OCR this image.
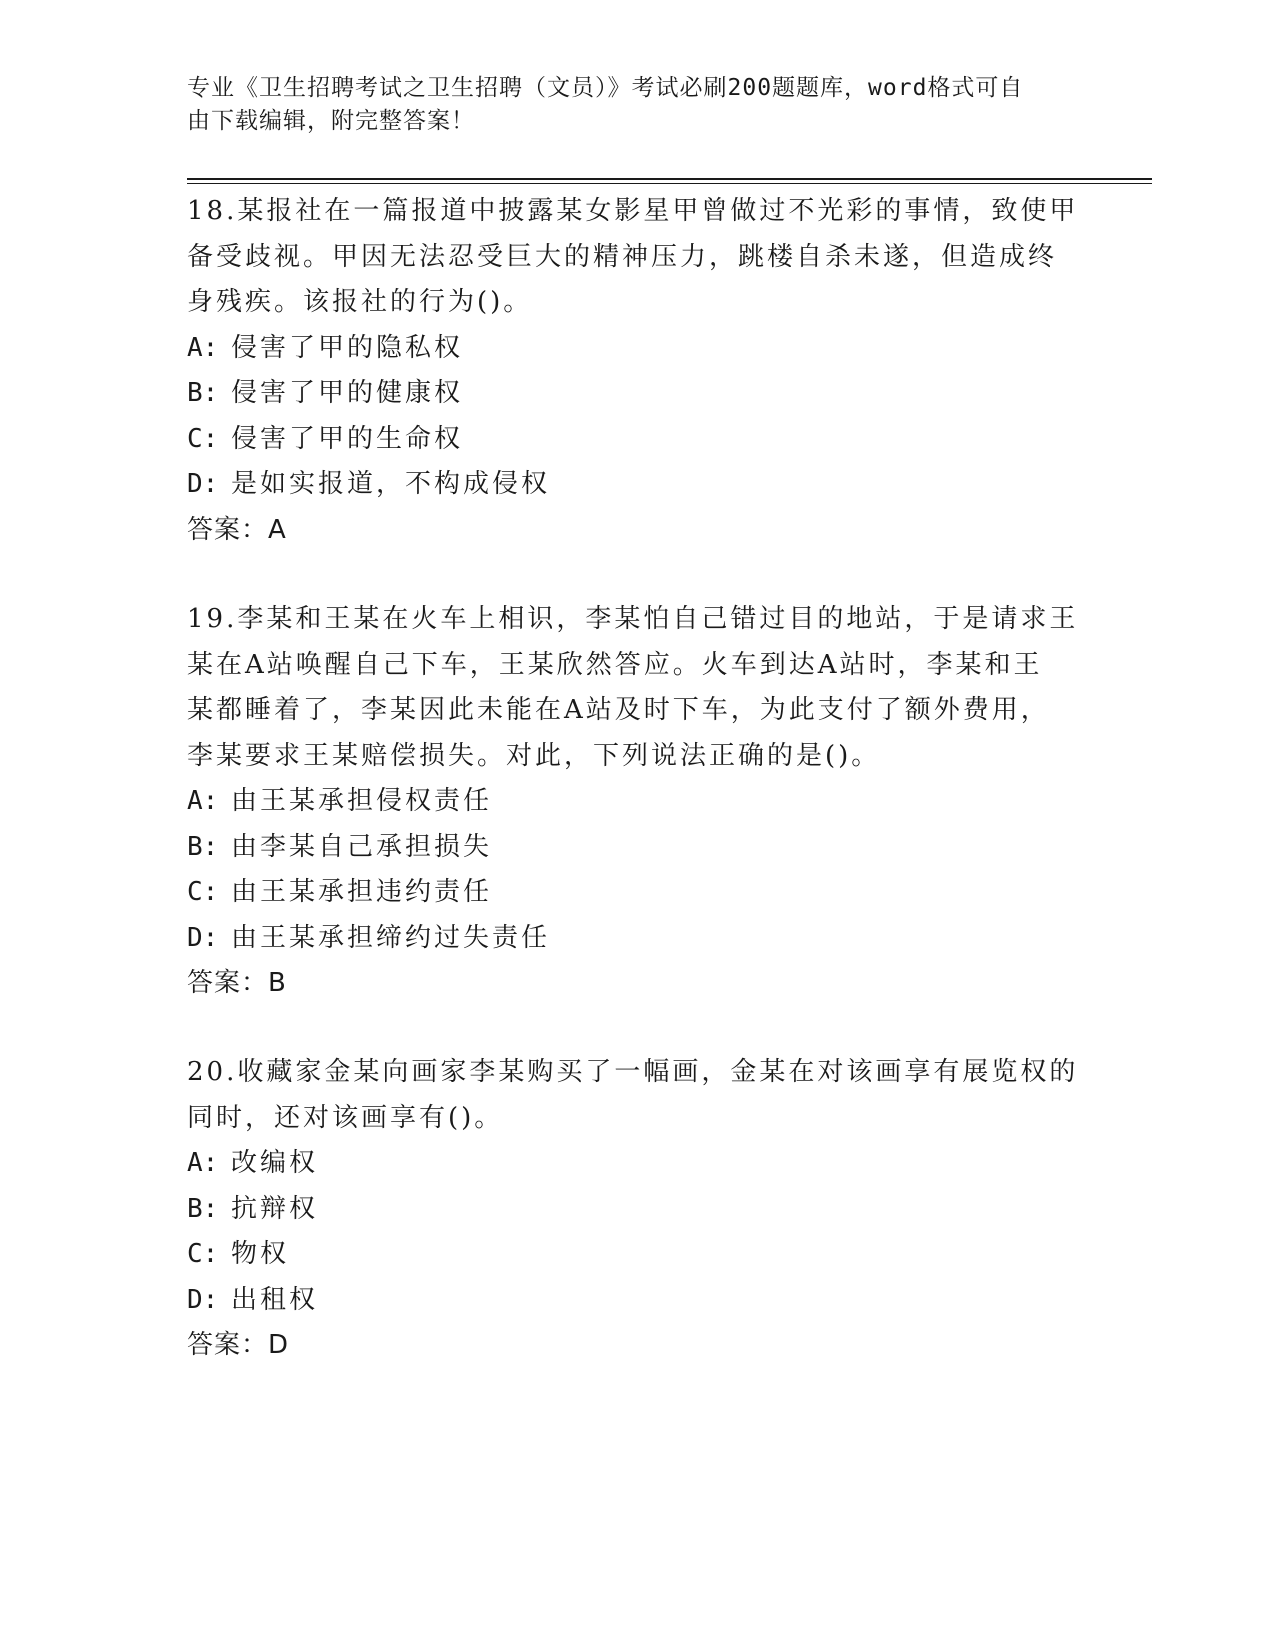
专业《卫生招聘考试之卫生招聘（文员）》考试必刷200题题库，word格式可自
由下载编辑，附完整答案！

18.某报社在一篇报道中披露某女影星甲曾做过不光彩的事情，致使甲

备受歧视。甲因无法忍受巨大的精神压力，跳楼自杀未遂，但造成终

身残疾。该报社的行为()。

A: 侵害了甲的隐私权

B: 侵害了甲的健康权

C: 侵害了甲的生命权

D: 是如实报道，不构成侵权

答案：A

19.李某和王某在火车上相识，李某怕自己错过目的地站，于是请求王

某在A站唤醒自己下车，王某欣然答应。火车到达A站时，李某和王

某都睡着了，李某因此未能在A站及时下车，为此支付了额外费用，

李某要求王某赔偿损失。对此，下列说法正确的是()。

A: 由王某承担侵权责任

B: 由李某自己承担损失

C: 由王某承担违约责任

D: 由王某承担缔约过失责任

答案：B

20.收藏家金某向画家李某购买了一幅画，金某在对该画享有展览权的

同时，还对该画享有()。

A: 改编权

B: 抗辩权

C: 物权

D: 出租权

答案：D
